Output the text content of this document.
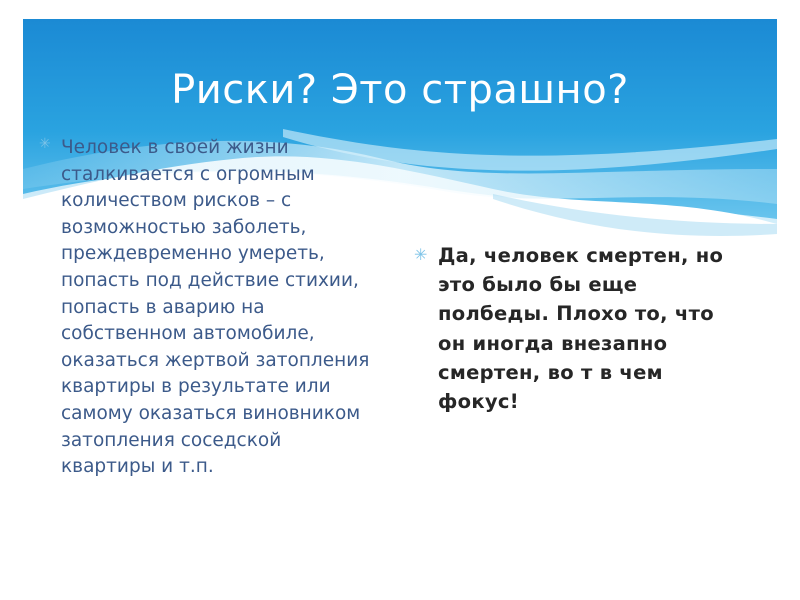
Риски? Это страшно?
✳ Человек в своей жизни сталкивается с огромным количеством рисков – с возможностью заболеть, преждевременно умереть, попасть под действие стихии, попасть в аварию на собственном автомобиле, оказаться жертвой затопления квартиры в результате или самому оказаться виновником затопления соседской квартиры и т.п.
✳ Да, человек смертен, но это было бы еще полбеды. Плохо то, что он иногда внезапно смертен, во т в чем фокус!
